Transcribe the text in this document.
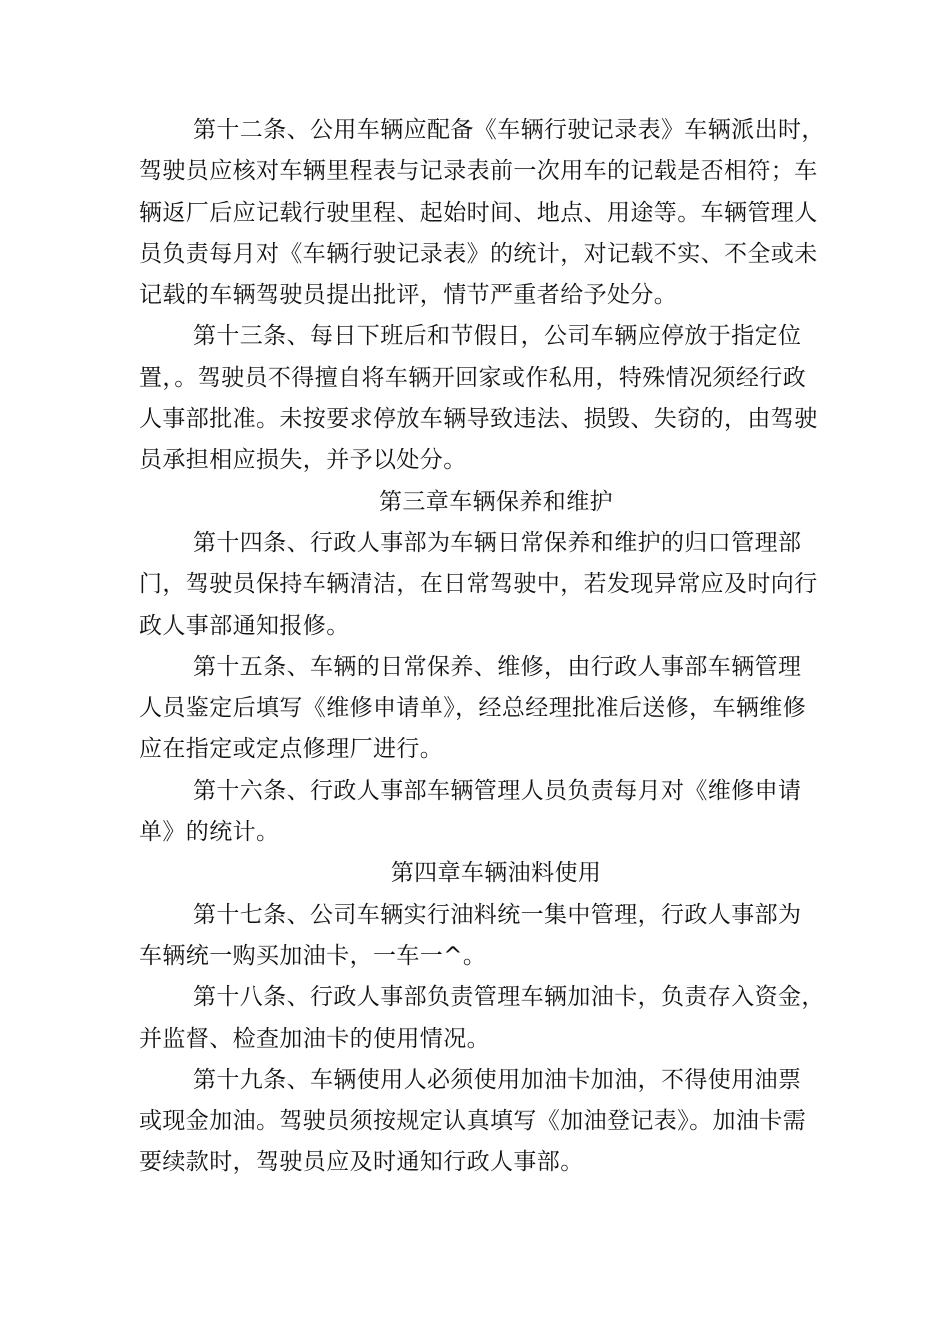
第十二条、公用车辆应配备《车辆行驶记录表》车辆派出时，
驾驶员应核对车辆里程表与记录表前一次用车的记载是否相符；车
辆返厂后应记载行驶里程、起始时间、地点、用途等。车辆管理人
员负责每月对《车辆行驶记录表》的统计，对记载不实、不全或未
记载的车辆驾驶员提出批评，情节严重者给予处分。
第十三条、每日下班后和节假日，公司车辆应停放于指定位
置，。驾驶员不得擅自将车辆开回家或作私用，特殊情况须经行政
人事部批准。未按要求停放车辆导致违法、损毁、失窃的，由驾驶
员承担相应损失，并予以处分。
第三章车辆保养和维护
第十四条、行政人事部为车辆日常保养和维护的归口管理部
门，驾驶员保持车辆清洁，在日常驾驶中，若发现异常应及时向行
政人事部通知报修。
第十五条、车辆的日常保养、维修，由行政人事部车辆管理
人员鉴定后填写《维修申请单》，经总经理批准后送修，车辆维修
应在指定或定点修理厂进行。
第十六条、行政人事部车辆管理人员负责每月对《维修申请
单》的统计。
第四章车辆油料使用
第十七条、公司车辆实行油料统一集中管理，行政人事部为
车辆统一购买加油卡，一车一^。
第十八条、行政人事部负责管理车辆加油卡，负责存入资金，
并监督、检查加油卡的使用情况。
第十九条、车辆使用人必须使用加油卡加油，不得使用油票
或现金加油。驾驶员须按规定认真填写《加油登记表》。加油卡需
要续款时，驾驶员应及时通知行政人事部。
